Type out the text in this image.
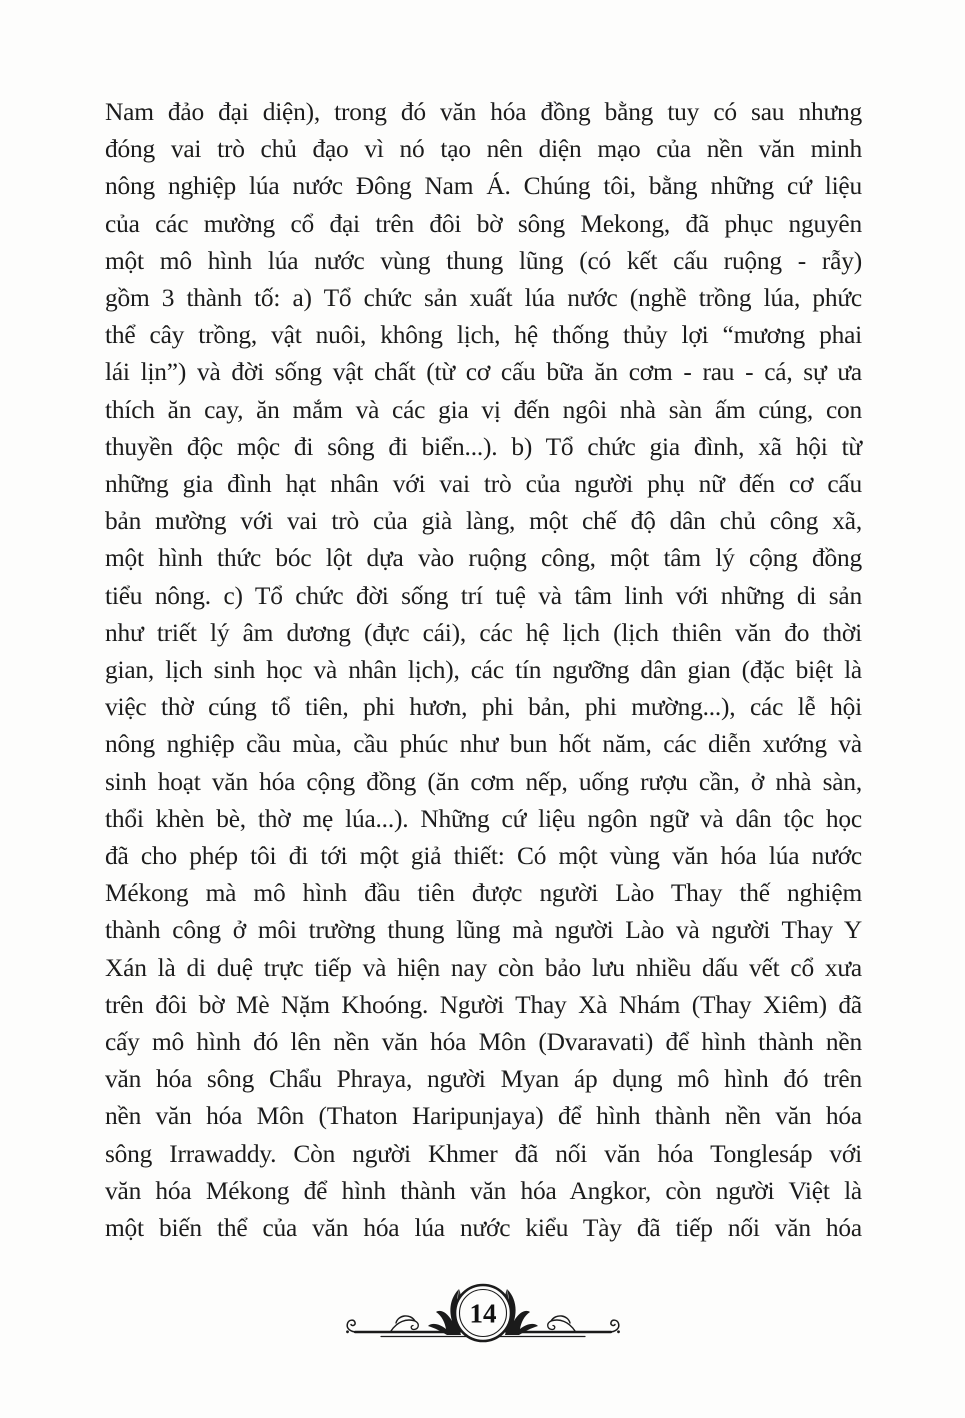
Nam đảo đại diện), trong đó văn hóa đồng bằng tuy có sau nhưng
đóng vai trò chủ đạo vì nó tạo nên diện mạo của nền văn minh
nông nghiệp lúa nước Đông Nam Á. Chúng tôi, bằng những cứ liệu
của các mường cổ đại trên đôi bờ sông Mekong, đã phục nguyên
một mô hình lúa nước vùng thung lũng (có kết cấu ruộng - rẫy)
gồm 3 thành tố: a) Tổ chức sản xuất lúa nước (nghề trồng lúa, phức
thể cây trồng, vật nuôi, không lịch, hệ thống thủy lợi “mương phai
lái lịn”) và đời sống vật chất (từ cơ cấu bữa ăn cơm - rau - cá, sự ưa
thích ăn cay, ăn mắm và các gia vị đến ngôi nhà sàn ấm cúng, con
thuyền độc mộc đi sông đi biển...). b) Tổ chức gia đình, xã hội từ
những gia đình hạt nhân với vai trò của người phụ nữ đến cơ cấu
bản mường với vai trò của già làng, một chế độ dân chủ công xã,
một hình thức bóc lột dựa vào ruộng công, một tâm lý cộng đồng
tiểu nông. c) Tổ chức đời sống trí tuệ và tâm linh với những di sản
như triết lý âm dương (đực cái), các hệ lịch (lịch thiên văn đo thời
gian, lịch sinh học và nhân lịch), các tín ngưỡng dân gian (đặc biệt là
việc thờ cúng tổ tiên, phi hươn, phi bản, phi mường...), các lễ hội
nông nghiệp cầu mùa, cầu phúc như bun hốt năm, các diễn xướng và
sinh hoạt văn hóa cộng đồng (ăn cơm nếp, uống rượu cần, ở nhà sàn,
thổi khèn bè, thờ mẹ lúa...). Những cứ liệu ngôn ngữ và dân tộc học
đã cho phép tôi đi tới một giả thiết: Có một vùng văn hóa lúa nước
Mékong mà mô hình đầu tiên được người Lào Thay thế nghiệm
thành công ở môi trường thung lũng mà người Lào và người Thay Y
Xán là di duệ trực tiếp và hiện nay còn bảo lưu nhiều dấu vết cổ xưa
trên đôi bờ Mè Nặm Khoóng. Người Thay Xà Nhám (Thay Xiêm) đã
cấy mô hình đó lên nền văn hóa Môn (Dvaravati) để hình thành nền
văn hóa sông Chẩu Phraya, người Myan áp dụng mô hình đó trên
nền văn hóa Môn (Thaton Haripunjaya) để hình thành nền văn hóa
sông Irrawaddy. Còn người Khmer đã nối văn hóa Tonglesáp với
văn hóa Mékong để hình thành văn hóa Angkor, còn người Việt là
một biến thể của văn hóa lúa nước kiểu Tày đã tiếp nối văn hóa
14
